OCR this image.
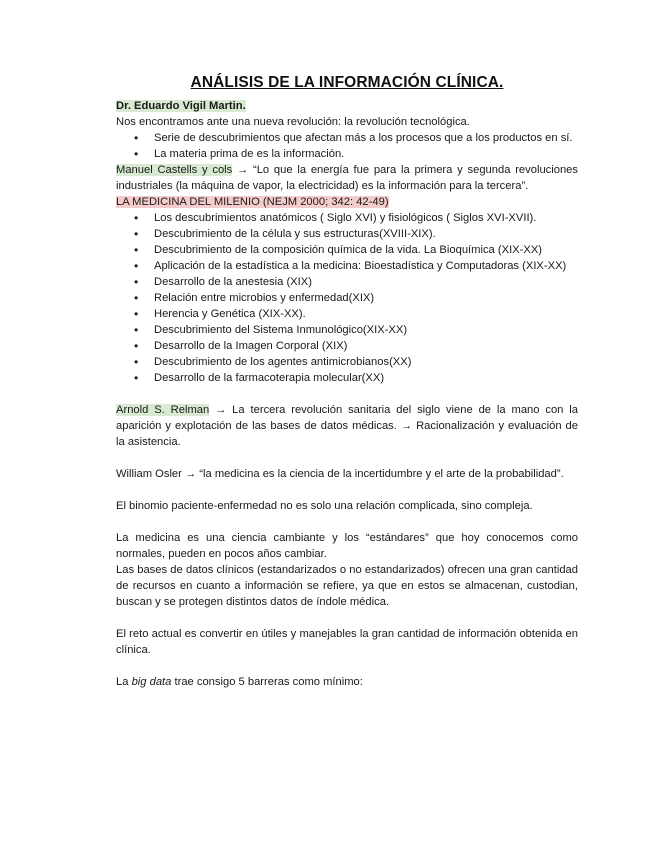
ANÁLISIS DE LA INFORMACIÓN CLÍNICA.

Dr. Eduardo Vigil Martin.

Nos encontramos ante una nueva revolución: la revolución tecnológica.

• Serie de descubrimientos que afectan más a los procesos que a los productos en sí.
• La materia prima de es la información.

Manuel Castells y cols → “Lo que la energía fue para la primera y segunda revoluciones industriales (la máquina de vapor, la electricidad) es la información para la tercera”.

LA MEDICINA DEL MILENIO (NEJM 2000; 342: 42-49)

• Los descubrimientos anatómicos ( Siglo XVI) y fisiológicos ( Siglos XVI-XVII).
• Descubrimiento de la célula y sus estructuras(XVIII-XIX).
• Descubrimiento de la composición química de la vida. La Bioquímica (XIX-XX)
• Aplicación de la estadística a la medicina: Bioestadística y Computadoras (XIX-XX)
• Desarrollo de la anestesia (XIX)
• Relación entre microbios y enfermedad(XIX)
• Herencia y Genética (XIX-XX).
• Descubrimiento del Sistema Inmunológico(XIX-XX)
• Desarrollo de la Imagen Corporal (XIX)
• Descubrimiento de los agentes antimicrobianos(XX)
• Desarrollo de la farmacoterapia molecular(XX)

Arnold S. Relman → La tercera revolución sanitaria del siglo viene de la mano con la aparición y explotación de las bases de datos médicas. → Racionalización y evaluación de la asistencia.

William Osler → “la medicina es la ciencia de la incertidumbre y el arte de la probabilidad”.

El binomio paciente-enfermedad no es solo una relación complicada, sino compleja.

La medicina es una ciencia cambiante y los “estándares” que hoy conocemos como normales, pueden en pocos años cambiar.

Las bases de datos clínicos (estandarizados o no estandarizados) ofrecen una gran cantidad de recursos en cuanto a información se refiere, ya que en estos se almacenan, custodian, buscan y se protegen distintos datos de índole médica.

El reto actual es convertir en útiles y manejables la gran cantidad de información obtenida en clínica.

La big data trae consigo 5 barreras como mínimo:
